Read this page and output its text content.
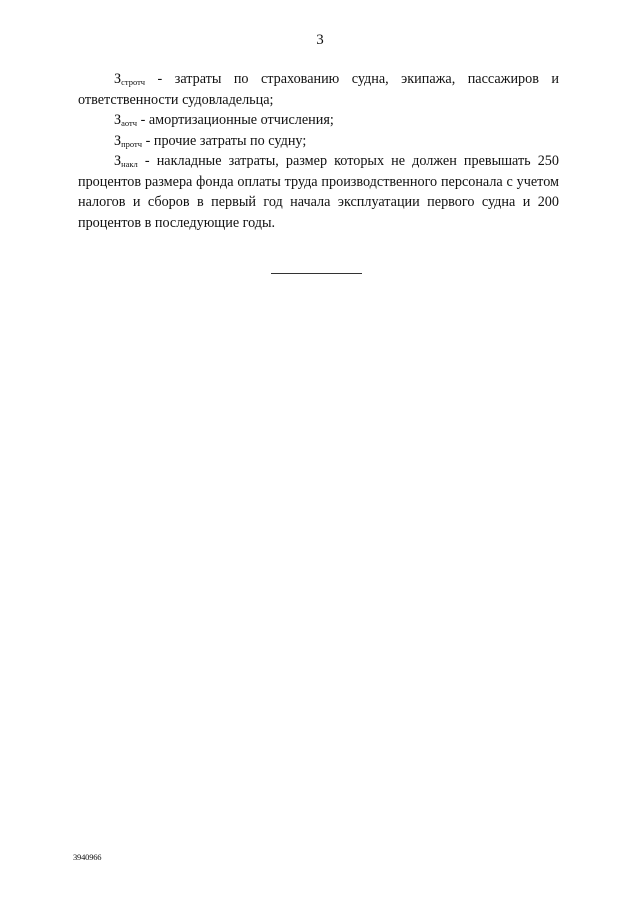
3

$З_{стротч}$ - затраты по страхованию судна, экипажа, пассажиров и ответственности судовладельца;

$З_{аотч}$ - амортизационные отчисления;

$З_{протч}$ - прочие затраты по судну;

$З_{накл}$ - накладные затраты, размер которых не должен превышать 250 процентов размера фонда оплаты труда производственного персонала с учетом налогов и сборов в первый год начала эксплуатации первого судна и 200 процентов в последующие годы.

3940966
